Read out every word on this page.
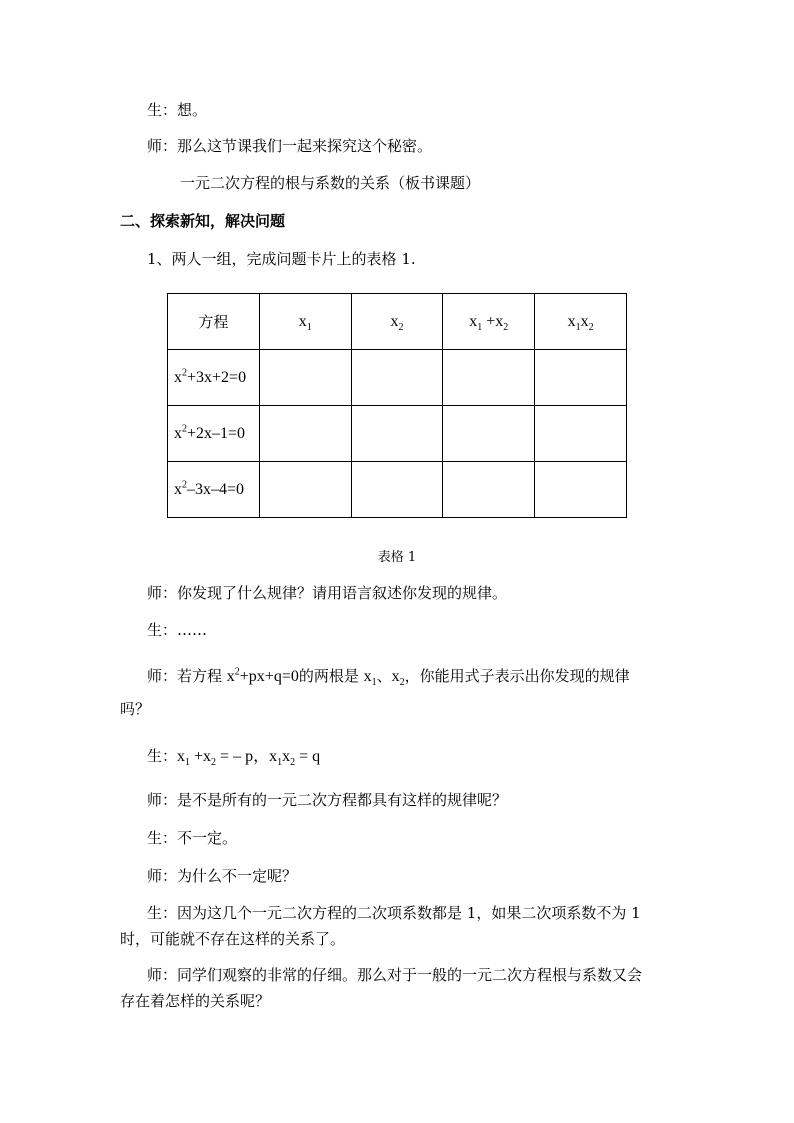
生：想。
师：那么这节课我们一起来探究这个秘密。
一元二次方程的根与系数的关系（板书课题）
二、探索新知，解决问题
1、两人一组，完成问题卡片上的表格 1.
方程	$x_1$	$x_2$	$x_1 +x_2$	$x_1x_2$
$x^2+3x+2=0$				
$x^2+2x-1=0$				
$x^2-3x-4=0$				
表格 1
师：你发现了什么规律？请用语言叙述你发现的规律。
生：……
师：若方程 $x^2+px+q=0$的两根是 $x_1$、$x_2$，你能用式子表示出你发现的规律
吗？
生：$x_1 +x_2$ = – p，$x_1x_2 = q$
师：是不是所有的一元二次方程都具有这样的规律呢？
生：不一定。
师：为什么不一定呢？
生：因为这几个一元二次方程的二次项系数都是 1，如果二次项系数不为 1
时，可能就不存在这样的关系了。
师：同学们观察的非常的仔细。那么对于一般的一元二次方程根与系数又会
存在着怎样的关系呢？
